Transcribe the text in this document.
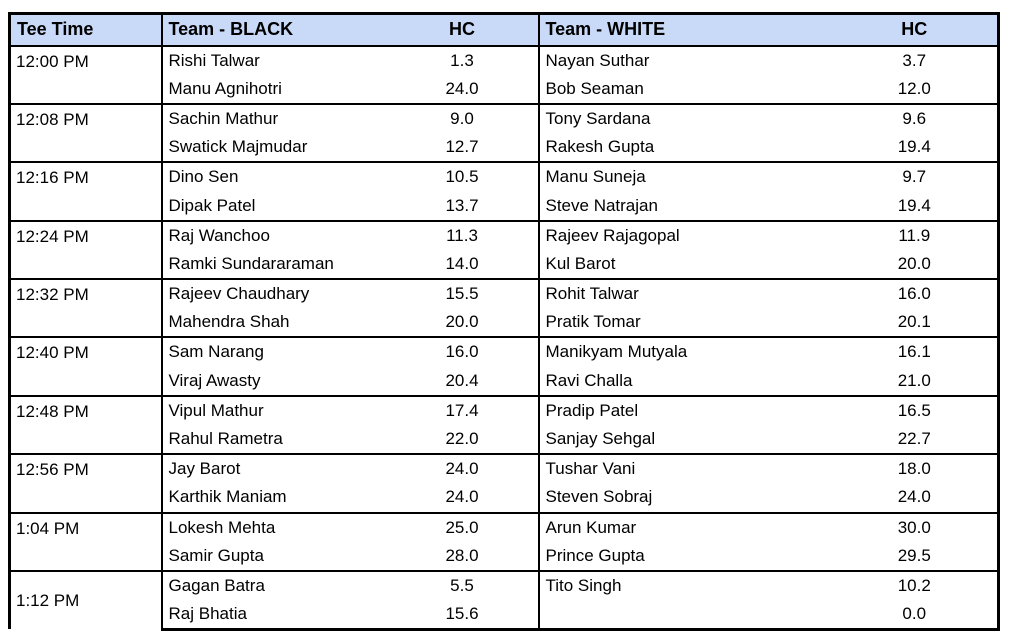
Tee Time	Team - BLACK	HC	Team - WHITE	HC
12:00 PM	Rishi Talwar	1.3	Nayan Suthar	3.7
	Manu Agnihotri	24.0	Bob Seaman	12.0
12:08 PM	Sachin Mathur	9.0	Tony Sardana	9.6
	Swatick Majmudar	12.7	Rakesh Gupta	19.4
12:16 PM	Dino Sen	10.5	Manu Suneja	9.7
	Dipak Patel	13.7	Steve Natrajan	19.4
12:24 PM	Raj Wanchoo	11.3	Rajeev Rajagopal	11.9
	Ramki Sundararaman	14.0	Kul Barot	20.0
12:32 PM	Rajeev Chaudhary	15.5	Rohit Talwar	16.0
	Mahendra Shah	20.0	Pratik Tomar	20.1
12:40 PM	Sam Narang	16.0	Manikyam Mutyala	16.1
	Viraj Awasty	20.4	Ravi Challa	21.0
12:48 PM	Vipul Mathur	17.4	Pradip Patel	16.5
	Rahul Rametra	22.0	Sanjay Sehgal	22.7
12:56 PM	Jay Barot	24.0	Tushar Vani	18.0
	Karthik Maniam	24.0	Steven Sobraj	24.0
1:04 PM	Lokesh Mehta	25.0	Arun Kumar	30.0
	Samir Gupta	28.0	Prince Gupta	29.5
1:12 PM	Gagan Batra	5.5	Tito Singh	10.2
	Raj Bhatia	15.6		0.0
